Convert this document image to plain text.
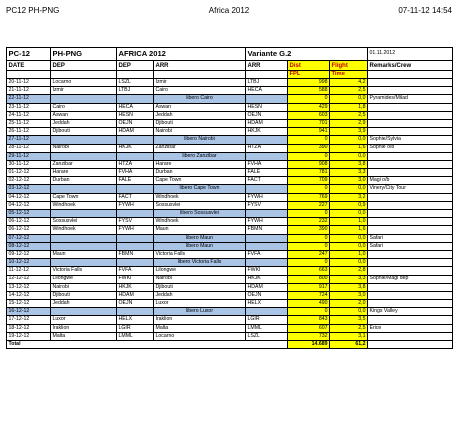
PC12 PH-PNG	Africa 2012	07-11-12 14:54
PC-12	PH-PNG	AFRICA 2012		Variante G.2			01.11.2012
DATE	DEP	DEP	ARR	ARR	Dist	Flight	Remarks/Crew
					FPL	Time	
20-11-12	Locarno	LSZL	Izmir	LTBJ	998	4,2	
21-11-12	Izmir	LTBJ	Cairo	HECA	588	2,5	
22-11-12			libero Cairo		0	0,0	Pyramides/Milad
23-11-12	Cairo	HECA	Aswan	HESN	429	1,8	
24-11-12	Aswan	HESN	Jeddah	OEJN	603	2,5	
25-11-12	Jeddah	OEJN	Djibouti	HDAM	701	2,9	
26-11-12	Djibouti	HDAM	Nairobi	HKJK	941	3,9	
27-11-12			libero Nairobi		0	0,0	Sophie/Sylvia
28-11-12	Nairobi	HKJK	Zanzibar	HTZA	390	1,6	Sophie o/b
29-11-12			libero Zanzibar		0	0,0	
30-11-12	Zanzibar	HTZA	Harare	FVHA	908	3,8	
01-12-12	Harare	FVHA	Durban	FALE	781	3,3	
02-12-12	Durban	FALE	Cape Town	FACT	709	3,0	Magi o/b
03-12-12			libero Cape Town		0	0,0	Vinery/City Tour
04-12-12	Cape Town	FACT	Windhoek	FYWH	769	3,2	
04-12-12	Windhoek	FYWH	Sossusvlei	FYSV	227	0,9	
05-12-12			libero Sossusvlei		0	0,0	
06-12-12	Sossusvlei	FYSV	Windhoek	FYWH	232	1,0	
06-12-12	Windhoek	FYWH	Maun	FBMN	390	1,6	
07-12-12			libero Maun		0	0,0	Safari
08-12-12			libero Maun		0	0,0	Safari
09-12-12	Maun	FBMN	Victoria Falls	FVFA	247	1,0	
10-12-12			libero Victoria Falls		0	0,0	
11-12-12	Victoria Falls	FVFA	Lilongwe	FWKI	663	2,8	
12-12-12	Lilongwe	FWKI	Nairobi	HKJK	800	3,3	Sophie/Magi dep
13-12-12	Nairobi	HKJK	Djibouti	HDAM	917	3,8	
14-12-12	Djibouti	HDAM	Jeddah	OEJN	724	3,0	
15-12-12	Jeddah	OEJN	Luxor	HELX	490	2,0	
16-12-12			libero Luxor		0	0,0	Kings Valley
17-12-12	Luxor	HELX	Iraklion	LGIR	843	3,5	
18-12-12	Iraklion	LGIR	Malta	LMML	607	2,5	Erice
19-12-12	Malta	LMML	Locarno	LSZL	732	3,1	
Total					14.689	61,2	
